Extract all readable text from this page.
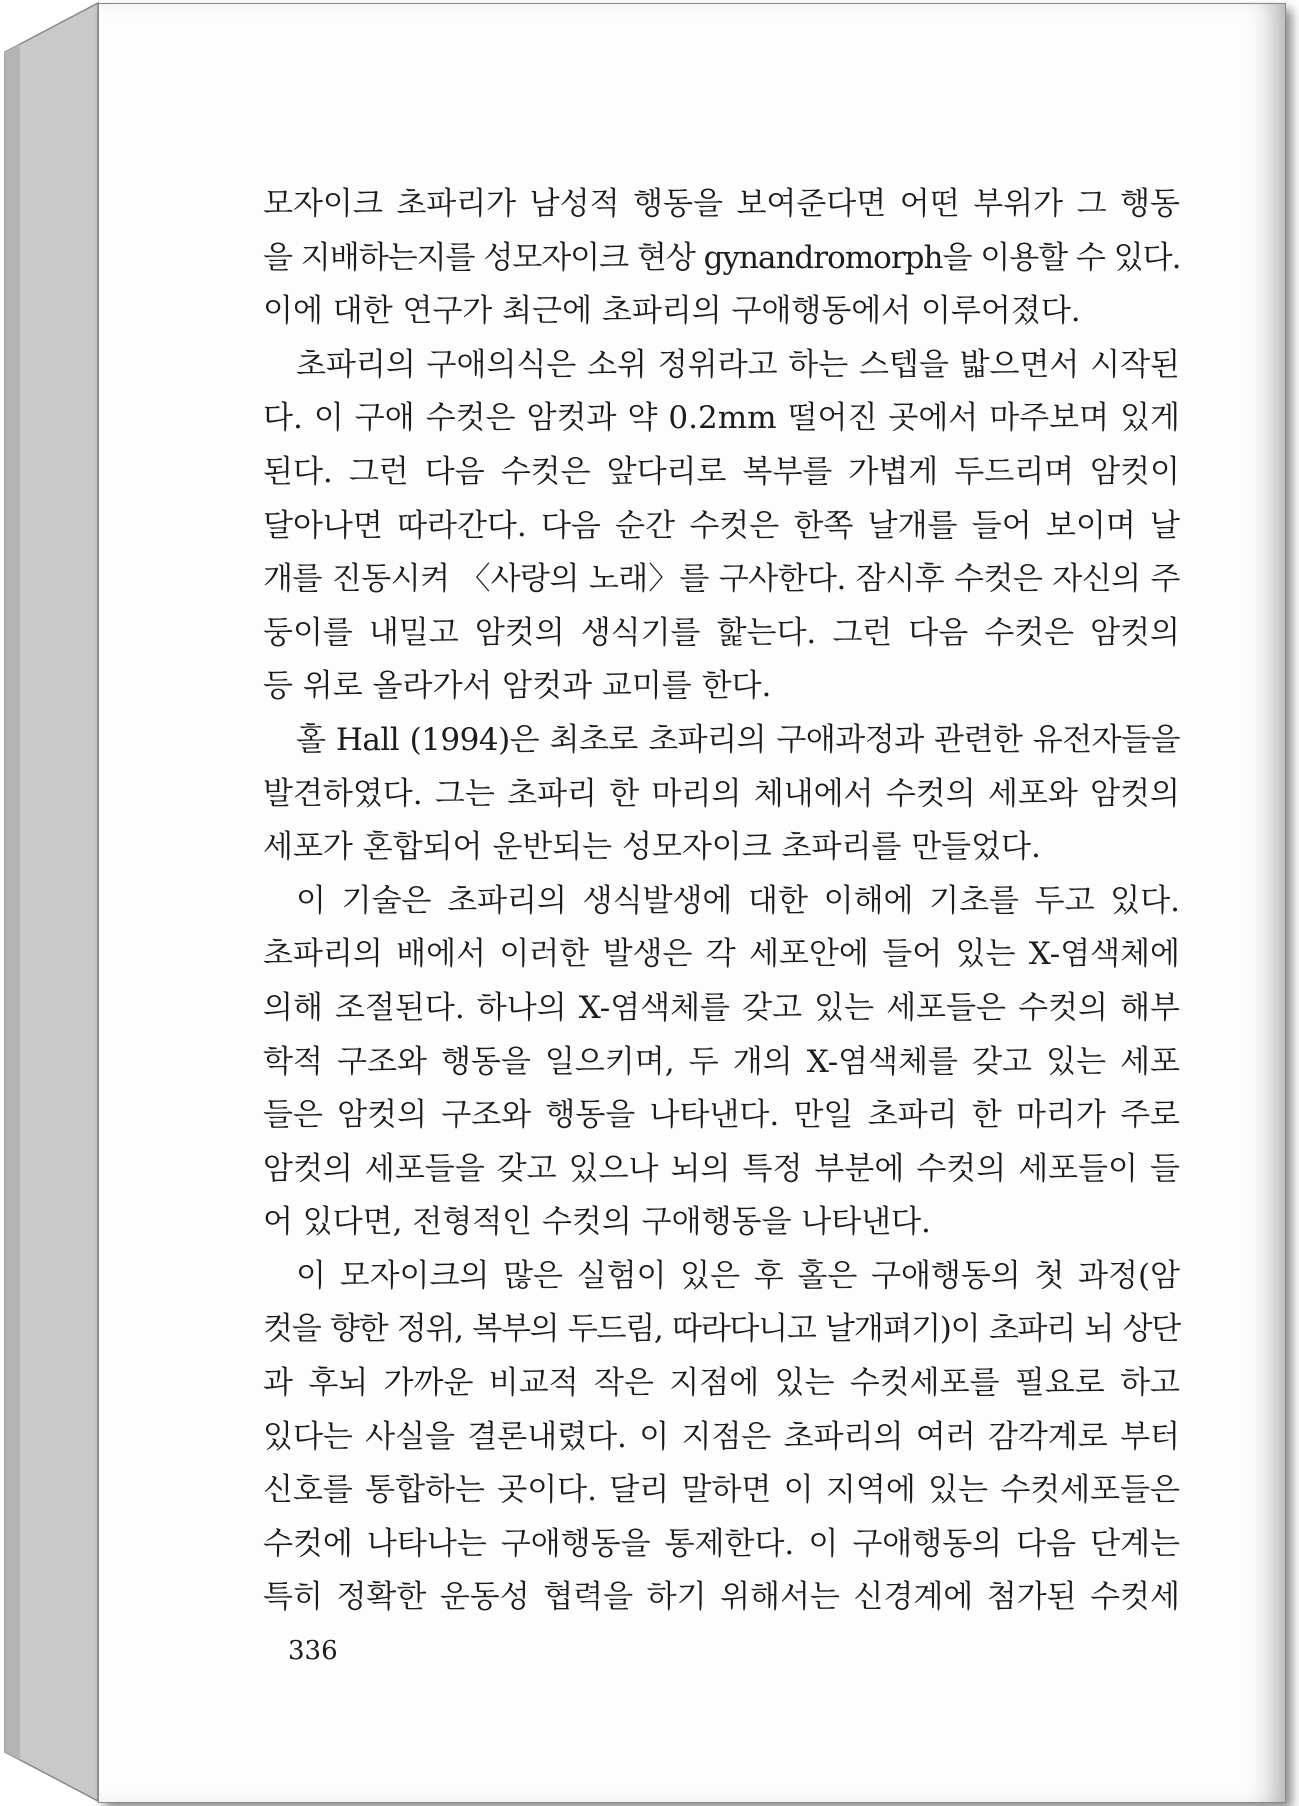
모자이크 초파리가 남성적 행동을 보여준다면 어떤 부위가 그 행동
을 지배하는지를 성모자이크 현상 gynandromorph을 이용할 수 있다.
이에 대한 연구가 최근에 초파리의 구애행동에서 이루어졌다.
초파리의 구애의식은 소위 정위라고 하는 스텝을 밟으면서 시작된
다. 이 구애 수컷은 암컷과 약 0.2mm 떨어진 곳에서 마주보며 있게
된다. 그런 다음 수컷은 앞다리로 복부를 가볍게 두드리며 암컷이
달아나면 따라간다. 다음 순간 수컷은 한쪽 날개를 들어 보이며 날
개를 진동시켜 〈사랑의 노래〉를 구사한다. 잠시후 수컷은 자신의 주
둥이를 내밀고 암컷의 생식기를 핥는다. 그런 다음 수컷은 암컷의
등 위로 올라가서 암컷과 교미를 한다.
홀 Hall (1994)은 최초로 초파리의 구애과정과 관련한 유전자들을
발견하였다. 그는 초파리 한 마리의 체내에서 수컷의 세포와 암컷의
세포가 혼합되어 운반되는 성모자이크 초파리를 만들었다.
이 기술은 초파리의 생식발생에 대한 이해에 기초를 두고 있다.
초파리의 배에서 이러한 발생은 각 세포안에 들어 있는 X-염색체에
의해 조절된다. 하나의 X-염색체를 갖고 있는 세포들은 수컷의 해부
학적 구조와 행동을 일으키며, 두 개의 X-염색체를 갖고 있는 세포
들은 암컷의 구조와 행동을 나타낸다. 만일 초파리 한 마리가 주로
암컷의 세포들을 갖고 있으나 뇌의 특정 부분에 수컷의 세포들이 들
어 있다면, 전형적인 수컷의 구애행동을 나타낸다.
이 모자이크의 많은 실험이 있은 후 홀은 구애행동의 첫 과정(암
컷을 향한 정위, 복부의 두드림, 따라다니고 날개펴기)이 초파리 뇌 상단
과 후뇌 가까운 비교적 작은 지점에 있는 수컷세포를 필요로 하고
있다는 사실을 결론내렸다. 이 지점은 초파리의 여러 감각계로 부터
신호를 통합하는 곳이다. 달리 말하면 이 지역에 있는 수컷세포들은
수컷에 나타나는 구애행동을 통제한다. 이 구애행동의 다음 단계는
특히 정확한 운동성 협력을 하기 위해서는 신경계에 첨가된 수컷세
336
